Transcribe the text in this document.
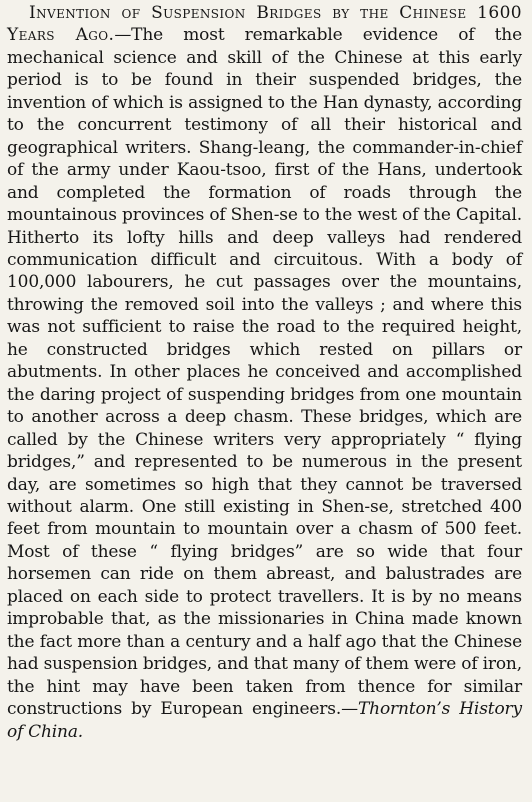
Invention of Suspension Bridges by the Chinese 1600 Years Ago.—The most remarkable evidence of the mechanical science and skill of the Chinese at this early period is to be found in their suspended bridges, the invention of which is assigned to the Han dynasty, according to the concurrent testimony of all their historical and geographical writers. Shang-leang, the commander-in-chief of the army under Kaou-tsoo, first of the Hans, undertook and completed the formation of roads through the mountainous provinces of Shen-se to the west of the Capital. Hitherto its lofty hills and deep valleys had rendered communication difficult and circuitous. With a body of 100,000 labourers, he cut passages over the mountains, throwing the removed soil into the valleys ; and where this was not sufficient to raise the road to the required height, he constructed bridges which rested on pillars or abutments. In other places he conceived and accomplished the daring project of suspending bridges from one mountain to another across a deep chasm. These bridges, which are called by the Chinese writers very appropriately “ flying bridges,” and represented to be numerous in the present day, are sometimes so high that they cannot be traversed without alarm. One still existing in Shen-se, stretched 400 feet from mountain to mountain over a chasm of 500 feet. Most of these “ flying bridges” are so wide that four horsemen can ride on them abreast, and balustrades are placed on each side to protect travellers. It is by no means improbable that, as the missionaries in China made known the fact more than a century and a half ago that the Chinese had suspension bridges, and that many of them were of iron, the hint may have been taken from thence for similar constructions by European engineers.—Thornton’s History of China.
